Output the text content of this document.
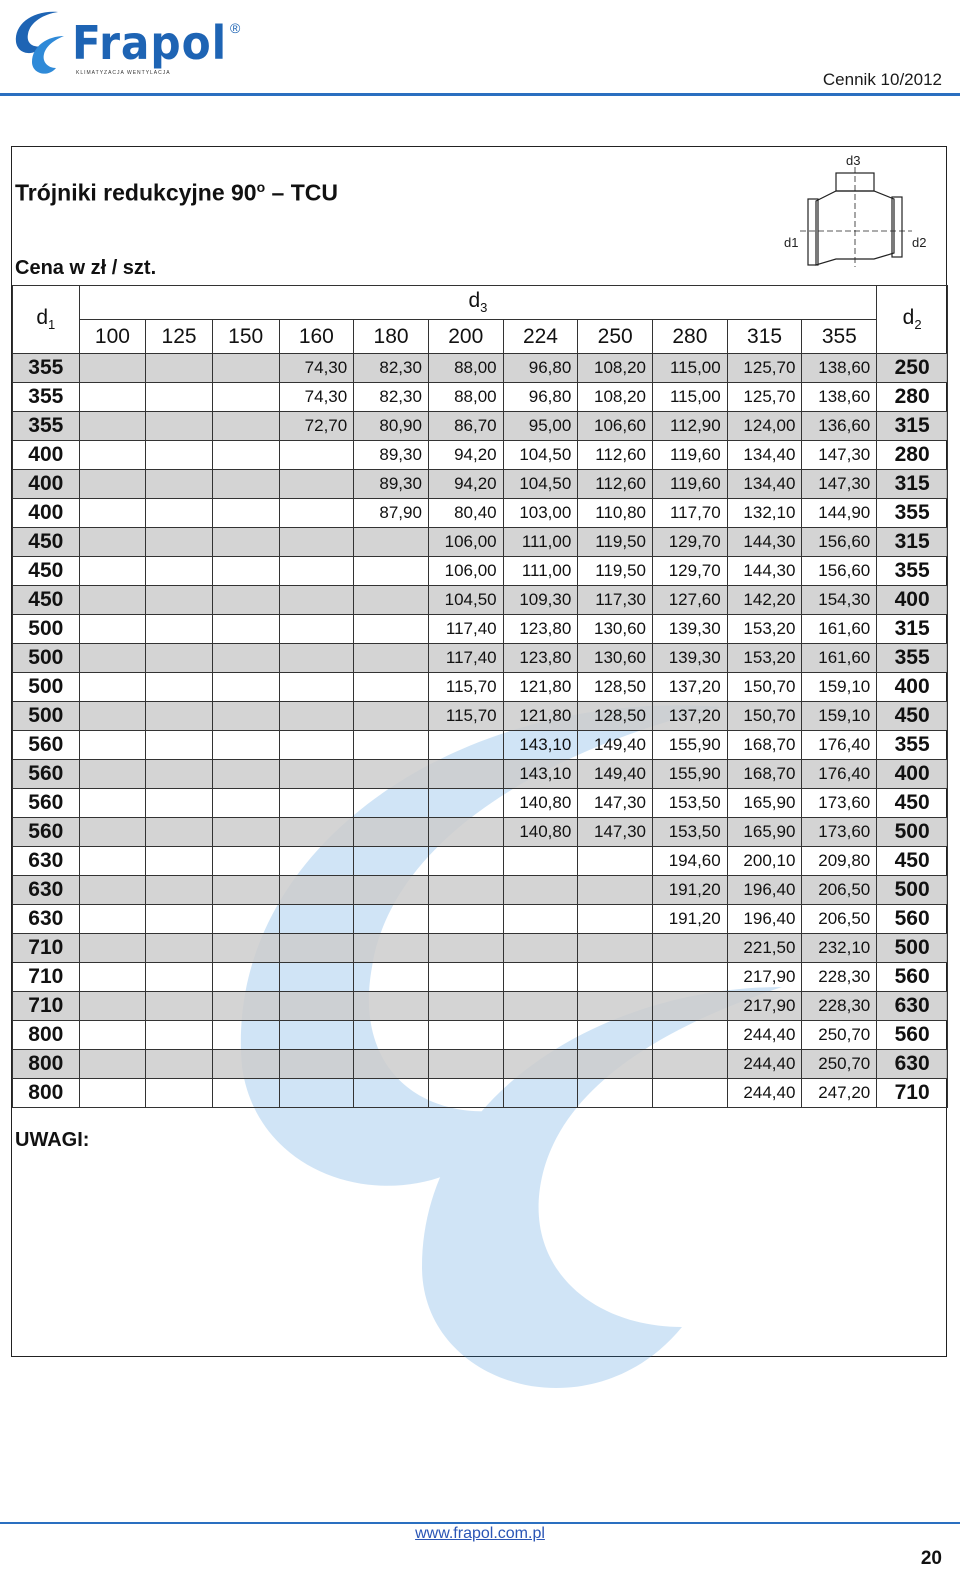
Frapol ®
KLIMATYZACJA WENTYLACJA	Cennik 10/2012
Trójniki redukcyjne 90$^o$ – TCU
Cena w zł / szt.
d3
d1	d2
$d_1$	$d_3$											$d_2$
	100	125	150	160	180	200	224	250	280	315	355	
355				74,30	82,30	88,00	96,80	108,20	115,00	125,70	138,60	250
355				74,30	82,30	88,00	96,80	108,20	115,00	125,70	138,60	280
355				72,70	80,90	86,70	95,00	106,60	112,90	124,00	136,60	315
400					89,30	94,20	104,50	112,60	119,60	134,40	147,30	280
400					89,30	94,20	104,50	112,60	119,60	134,40	147,30	315
400					87,90	80,40	103,00	110,80	117,70	132,10	144,90	355
450						106,00	111,00	119,50	129,70	144,30	156,60	315
450						106,00	111,00	119,50	129,70	144,30	156,60	355
450						104,50	109,30	117,30	127,60	142,20	154,30	400
500						117,40	123,80	130,60	139,30	153,20	161,60	315
500						117,40	123,80	130,60	139,30	153,20	161,60	355
500						115,70	121,80	128,50	137,20	150,70	159,10	400
500						115,70	121,80	128,50	137,20	150,70	159,10	450
560							143,10	149,40	155,90	168,70	176,40	355
560							143,10	149,40	155,90	168,70	176,40	400
560							140,80	147,30	153,50	165,90	173,60	450
560							140,80	147,30	153,50	165,90	173,60	500
630									194,60	200,10	209,80	450
630									191,20	196,40	206,50	500
630									191,20	196,40	206,50	560
710										221,50	232,10	500
710										217,90	228,30	560
710										217,90	228,30	630
800										244,40	250,70	560
800										244,40	250,70	630
800										244,40	247,20	710
UWAGI:
www.frapol.com.pl
20
